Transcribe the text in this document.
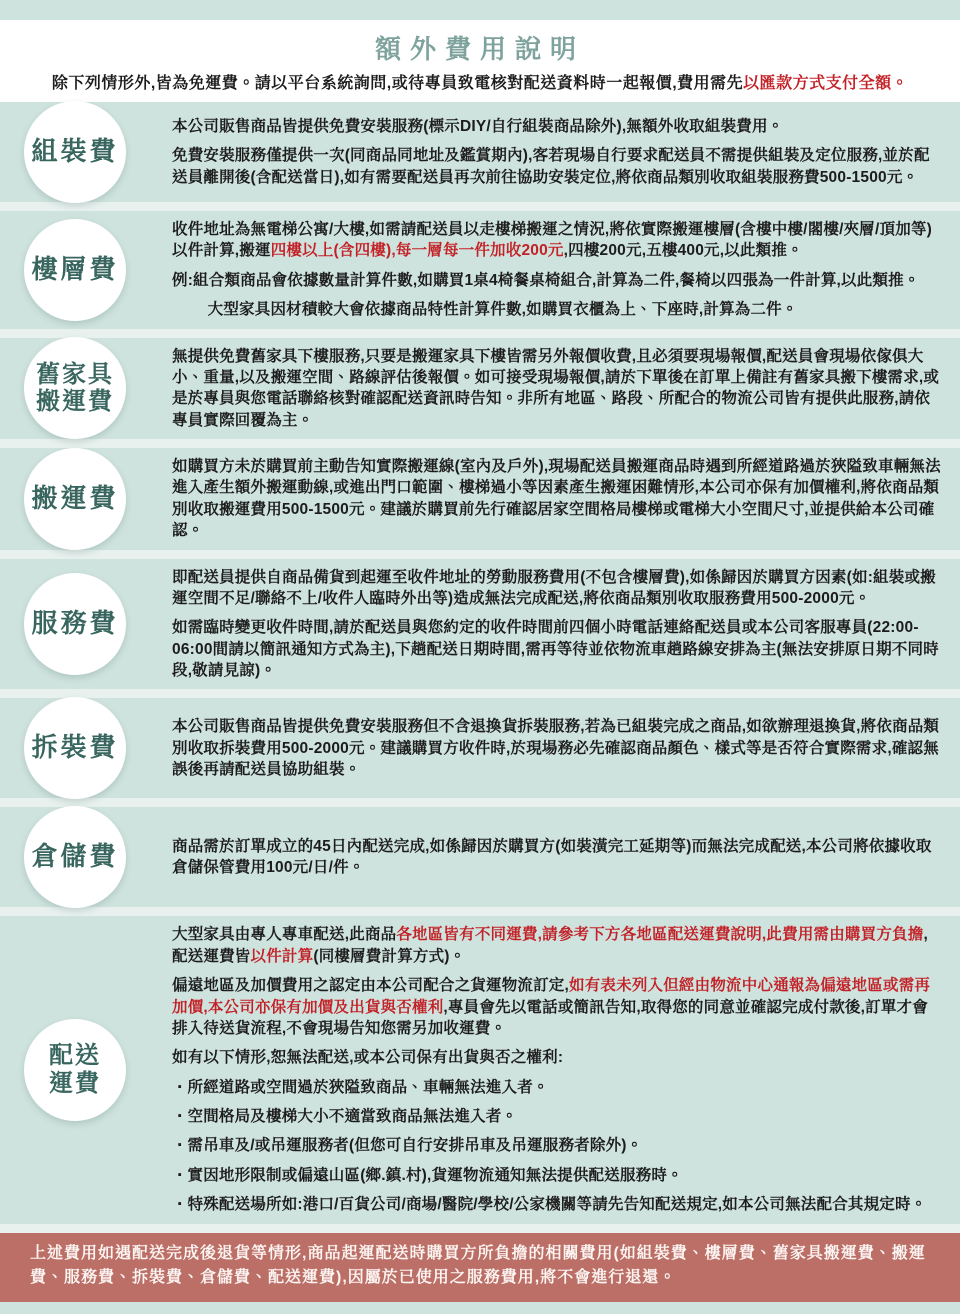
額外費用說明

除下列情形外,皆為免運費。請以平台系統詢問,或待專員致電核對配送資料時一起報價,費用需先以匯款方式支付全額。

組裝費

本公司販售商品皆提供免費安裝服務(標示DIY/自行組裝商品除外),無額外收取組裝費用。

免費安裝服務僅提供一次(同商品同地址及鑑賞期內),客若現場自行要求配送員不需提供組裝及定位服務,並於配送員離開後(含配送當日),如有需要配送員再次前往協助安裝定位,將依商品類別收取組裝服務費500-1500元。

樓層費

收件地址為無電梯公寓/大樓,如需請配送員以走樓梯搬運之情況,將依實際搬運樓層(含樓中樓/閣樓/夾層/頂加等)以件計算,搬運四樓以上(含四樓),每一層每一件加收200元,四樓200元,五樓400元,以此類推。

例:組合類商品會依據數量計算件數,如購買1桌4椅餐桌椅組合,計算為二件,餐椅以四張為一件計算,以此類推。

大型家具因材積較大會依據商品特性計算件數,如購買衣櫃為上、下座時,計算為二件。

舊家具
搬運費

無提供免費舊家具下樓服務,只要是搬運家具下樓皆需另外報價收費,且必須要現場報價,配送員會現場依傢俱大小、重量,以及搬運空間、路線評估後報價。如可接受現場報價,請於下單後在訂單上備註有舊家具搬下樓需求,或是於專員與您電話聯絡核對確認配送資訊時告知。非所有地區、路段、所配合的物流公司皆有提供此服務,請依專員實際回覆為主。

搬運費

如購買方未於購買前主動告知實際搬運線(室內及戶外),現場配送員搬運商品時遇到所經道路過於狹隘致車輛無法進入產生額外搬運動線,或進出門口範圍、樓梯過小等因素產生搬運困難情形,本公司亦保有加價權利,將依商品類別收取搬運費用500-1500元。建議於購買前先行確認居家空間格局樓梯或電梯大小空間尺寸,並提供給本公司確認。

服務費

即配送員提供自商品備貨到起運至收件地址的勞動服務費用(不包含樓層費),如係歸因於購買方因素(如:組裝或搬運空間不足/聯絡不上/收件人臨時外出等)造成無法完成配送,將依商品類別收取服務費用500-2000元。

如需臨時變更收件時間,請於配送員與您約定的收件時間前四個小時電話連絡配送員或本公司客服專員(22:00-06:00間請以簡訊通知方式為主),下趟配送日期時間,需再等待並依物流車趟路線安排為主(無法安排原日期不同時段,敬請見諒)。

拆裝費

本公司販售商品皆提供免費安裝服務但不含退換貨拆裝服務,若為已組裝完成之商品,如欲辦理退換貨,將依商品類別收取拆裝費用500-2000元。建議購買方收件時,於現場務必先確認商品顏色、樣式等是否符合實際需求,確認無誤後再請配送員協助組裝。

倉儲費	商品需於訂單成立的45日內配送完成,如係歸因於購買方(如裝潢完工延期等)而無法完成配送,本公司將依據收取倉儲保管費用100元/日/件。

配送
運費

大型家具由專人專車配送,此商品各地區皆有不同運費,請參考下方各地區配送運費說明,此費用需由購買方負擔,配送運費皆以件計算(同樓層費計算方式)。

偏遠地區及加價費用之認定由本公司配合之貨運物流訂定,如有表未列入但經由物流中心通報為偏遠地區或需再加價,本公司亦保有加價及出貨與否權利,專員會先以電話或簡訊告知,取得您的同意並確認完成付款後,訂單才會排入待送貨流程,不會現場告知您需另加收運費。

如有以下情形,恕無法配送,或本公司保有出貨與否之權利:

‧ 所經道路或空間過於狹隘致商品、車輛無法進入者。

‧ 空間格局及樓梯大小不適當致商品無法進入者。

‧ 需吊車及/或吊運服務者(但您可自行安排吊車及吊運服務者除外)。

‧ 實因地形限制或偏遠山區(鄉.鎮.村),貨運物流通知無法提供配送服務時。

‧ 特殊配送場所如:港口/百貨公司/商場/醫院/學校/公家機關等請先告知配送規定,如本公司無法配合其規定時。

上述費用如遇配送完成後退貨等情形,商品起運配送時購買方所負擔的相關費用(如組裝費、樓層費、舊家具搬運費、搬運費、服務費、拆裝費、倉儲費、配送運費),因屬於已使用之服務費用,將不會進行退還。
